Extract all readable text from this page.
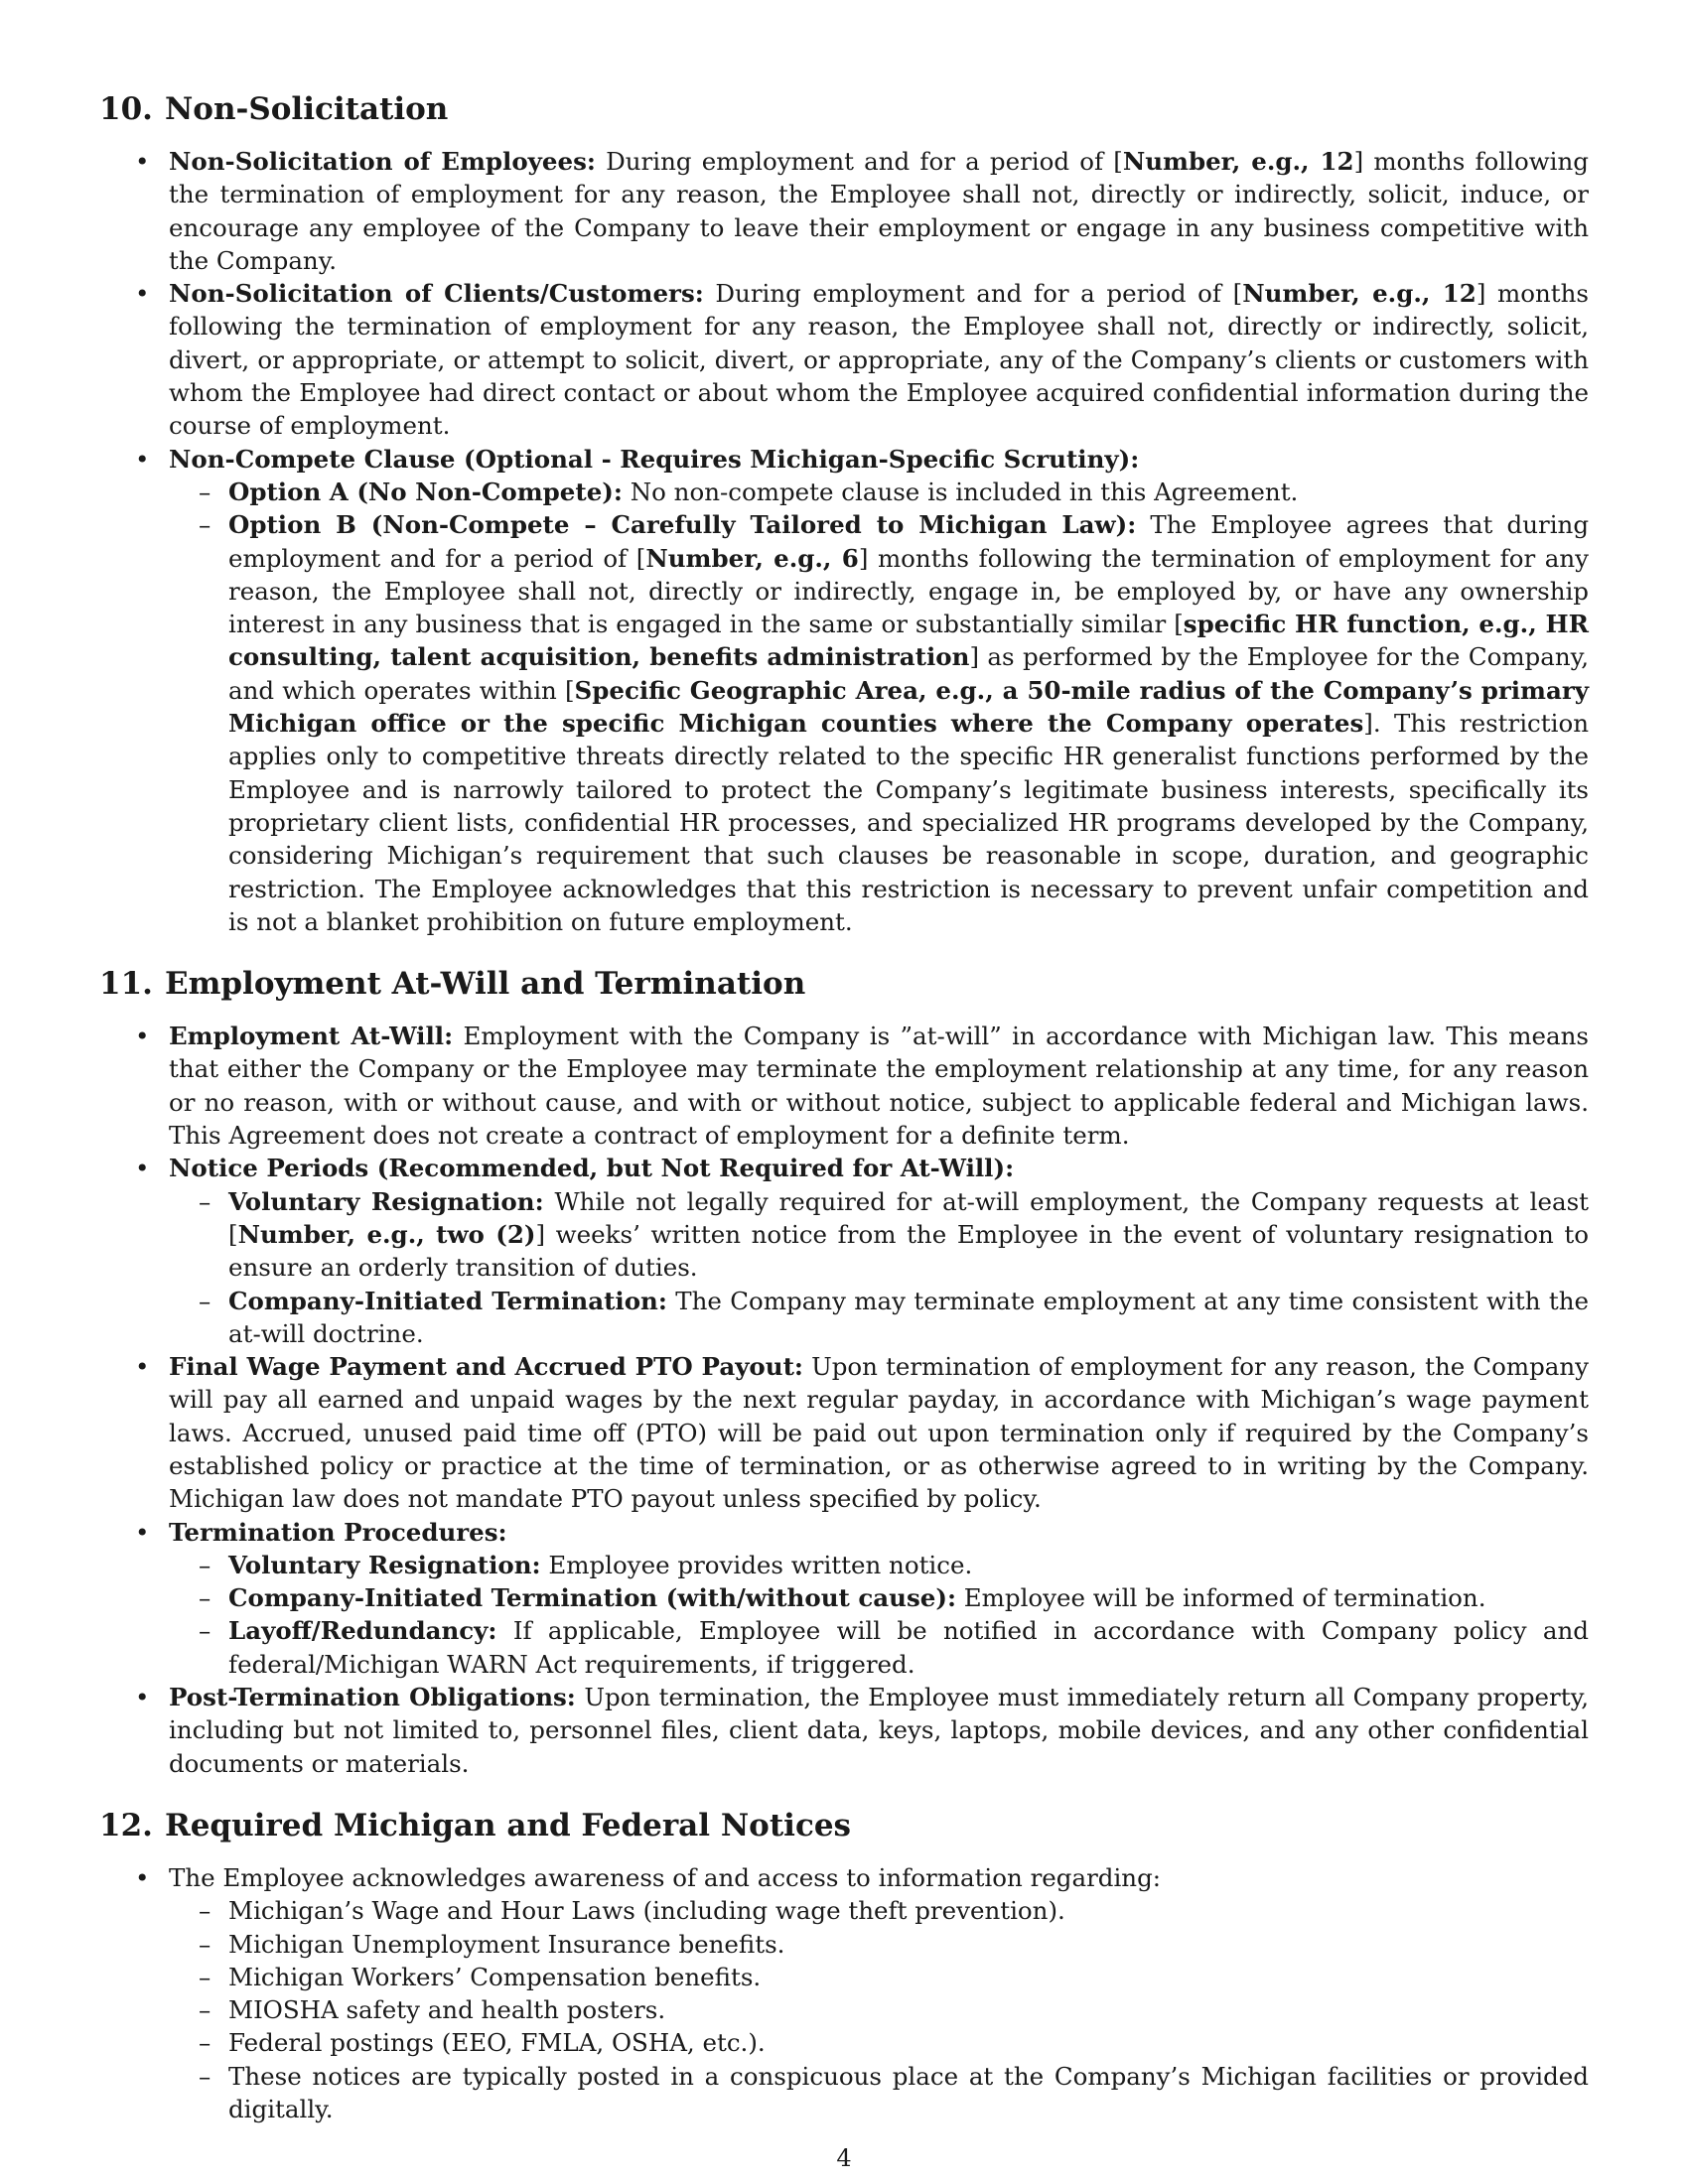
10. Non-Solicitation
• Non-Solicitation of Employees: During employment and for a period of [Number, e.g., 12] months following the termination of employment for any reason, the Employee shall not, directly or indirectly, solicit, induce, or encourage any employee of the Company to leave their employment or engage in any business competitive with the Company.
• Non-Solicitation of Clients/Customers: During employment and for a period of [Number, e.g., 12] months following the termination of employment for any reason, the Employee shall not, directly or indirectly, solicit, divert, or appropriate, or attempt to solicit, divert, or appropriate, any of the Company’s clients or customers with whom the Employee had direct contact or about whom the Employee acquired confidential information during the course of employment.
• Non-Compete Clause (Optional - Requires Michigan-Specific Scrutiny):
– Option A (No Non-Compete): No non-compete clause is included in this Agreement.
– Option B (Non-Compete – Carefully Tailored to Michigan Law): The Employee agrees that during employment and for a period of [Number, e.g., 6] months following the termination of employment for any reason, the Employee shall not, directly or indirectly, engage in, be employed by, or have any ownership interest in any business that is engaged in the same or substantially similar [specific HR function, e.g., HR consulting, talent acquisition, benefits administration] as performed by the Employee for the Company, and which operates within [Specific Geographic Area, e.g., a 50-mile radius of the Company’s primary Michigan office or the specific Michigan counties where the Company operates]. This restriction applies only to competitive threats directly related to the specific HR generalist functions performed by the Employee and is narrowly tailored to protect the Company’s legitimate business interests, specifically its proprietary client lists, confidential HR processes, and specialized HR programs developed by the Company, considering Michigan’s requirement that such clauses be reasonable in scope, duration, and geographic restriction. The Employee acknowledges that this restriction is necessary to prevent unfair competition and is not a blanket prohibition on future employment.
11. Employment At-Will and Termination
• Employment At-Will: Employment with the Company is ”at-will” in accordance with Michigan law. This means that either the Company or the Employee may terminate the employment relationship at any time, for any reason or no reason, with or without cause, and with or without notice, subject to applicable federal and Michigan laws. This Agreement does not create a contract of employment for a definite term.
• Notice Periods (Recommended, but Not Required for At-Will):
– Voluntary Resignation: While not legally required for at-will employment, the Company requests at least [Number, e.g., two (2)] weeks’ written notice from the Employee in the event of voluntary resignation to ensure an orderly transition of duties.
– Company-Initiated Termination: The Company may terminate employment at any time consistent with the at-will doctrine.
• Final Wage Payment and Accrued PTO Payout: Upon termination of employment for any reason, the Company will pay all earned and unpaid wages by the next regular payday, in accordance with Michigan’s wage payment laws. Accrued, unused paid time off (PTO) will be paid out upon termination only if required by the Company’s established policy or practice at the time of termination, or as otherwise agreed to in writing by the Company. Michigan law does not mandate PTO payout unless specified by policy.
• Termination Procedures:
– Voluntary Resignation: Employee provides written notice.
– Company-Initiated Termination (with/without cause): Employee will be informed of termination.
– Layoff/Redundancy: If applicable, Employee will be notified in accordance with Company policy and federal/Michigan WARN Act requirements, if triggered.
• Post-Termination Obligations: Upon termination, the Employee must immediately return all Company property, including but not limited to, personnel files, client data, keys, laptops, mobile devices, and any other confidential documents or materials.
12. Required Michigan and Federal Notices
• The Employee acknowledges awareness of and access to information regarding:
– Michigan’s Wage and Hour Laws (including wage theft prevention).
– Michigan Unemployment Insurance benefits.
– Michigan Workers’ Compensation benefits.
– MIOSHA safety and health posters.
– Federal postings (EEO, FMLA, OSHA, etc.).
– These notices are typically posted in a conspicuous place at the Company’s Michigan facilities or provided digitally.
4
